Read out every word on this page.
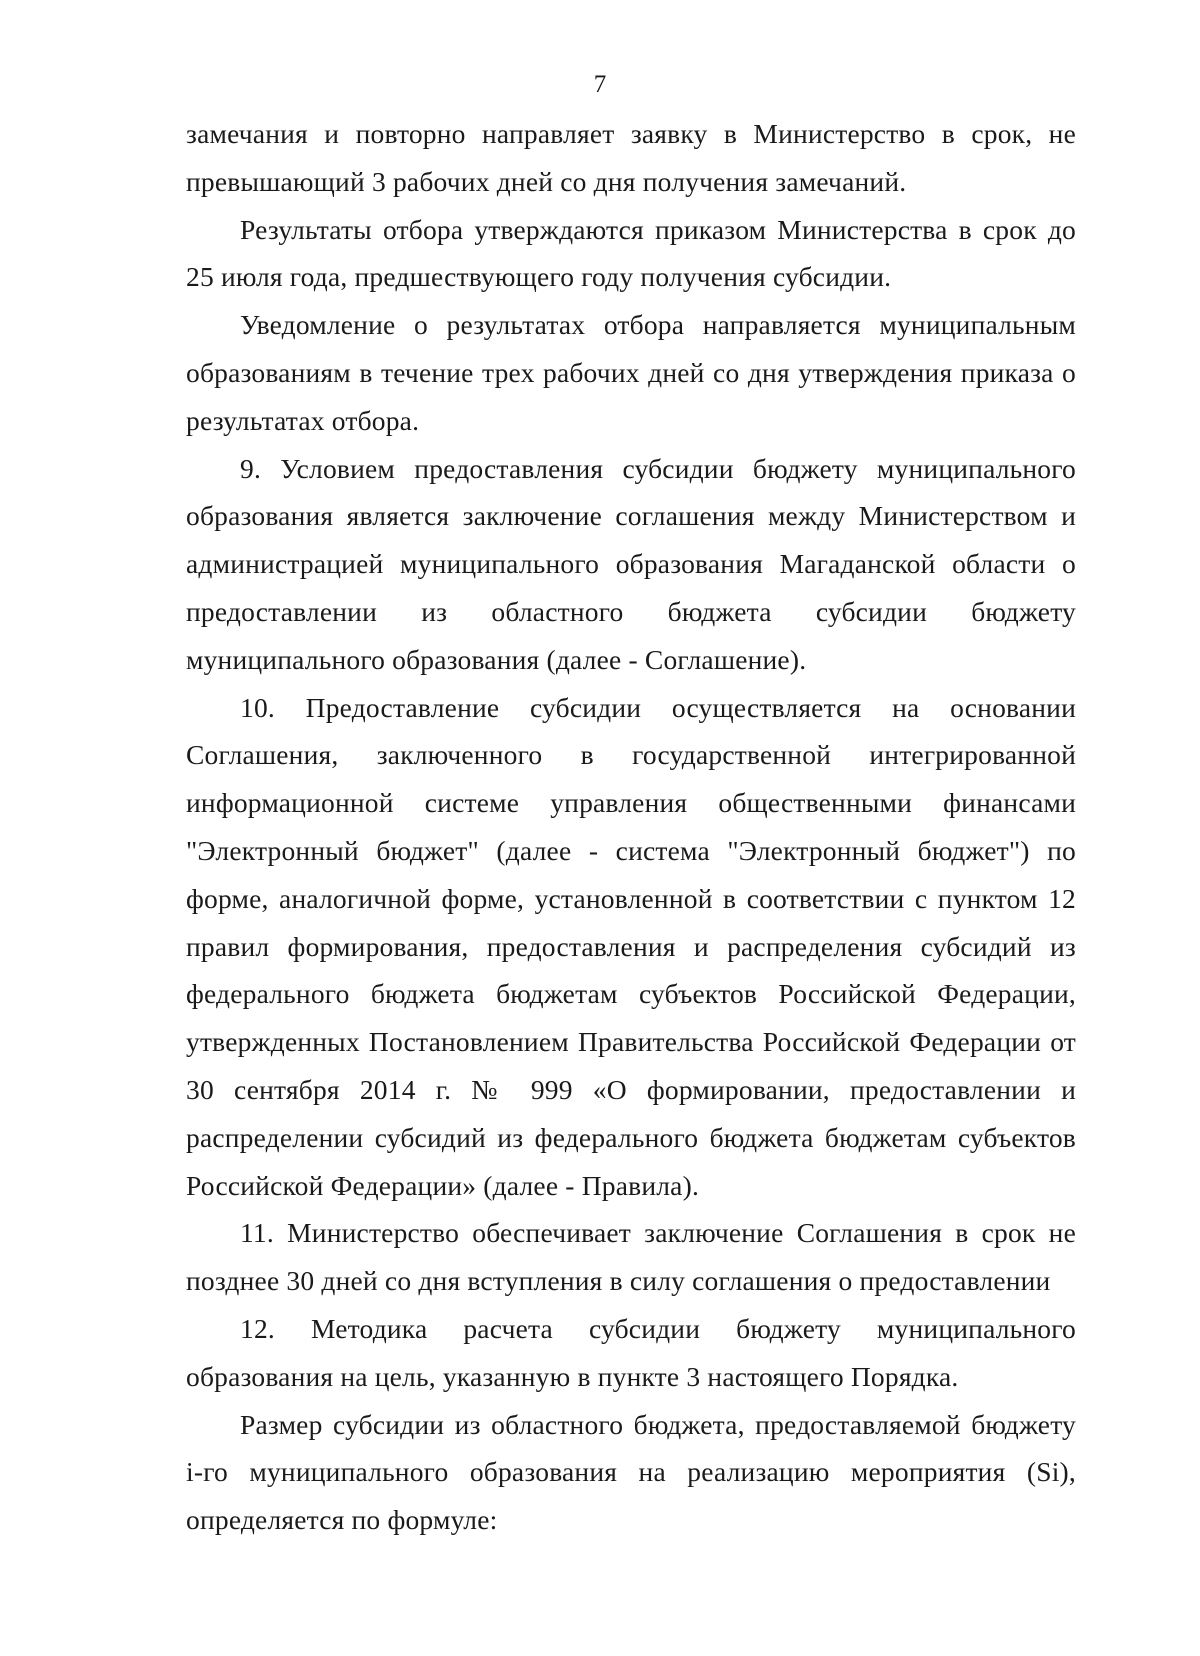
7

замечания и повторно направляет заявку в Министерство в срок, не превышающий 3 рабочих дней со дня получения замечаний.

Результаты отбора утверждаются приказом Министерства в срок до 25 июля года, предшествующего году получения субсидии.

Уведомление о результатах отбора направляется муниципальным образованиям в течение трех рабочих дней со дня утверждения приказа о результатах отбора.

9. Условием предоставления субсидии бюджету муниципального образования является заключение соглашения между Министерством и администрацией муниципального образования Магаданской области о предоставлении из областного бюджета субсидии бюджету муниципального образования (далее - Соглашение).

10. Предоставление субсидии осуществляется на основании Соглашения, заключенного в государственной интегрированной информационной системе управления общественными финансами "Электронный бюджет" (далее - система "Электронный бюджет") по форме, аналогичной форме, установленной в соответствии с пунктом 12 правил формирования, предоставления и распределения субсидий из федерального бюджета бюджетам субъектов Российской Федерации, утвержденных Постановлением Правительства Российской Федерации от 30 сентября 2014 г. № 999 «О формировании, предоставлении и распределении субсидий из федерального бюджета бюджетам субъектов Российской Федерации» (далее - Правила).

11. Министерство обеспечивает заключение Соглашения в срок не позднее 30 дней со дня вступления в силу соглашения о предоставлении

12. Методика расчета субсидии бюджету муниципального образования на цель, указанную в пункте 3 настоящего Порядка.

Размер субсидии из областного бюджета, предоставляемой бюджету i-го муниципального образования на реализацию мероприятия (Si), определяется по формуле:
